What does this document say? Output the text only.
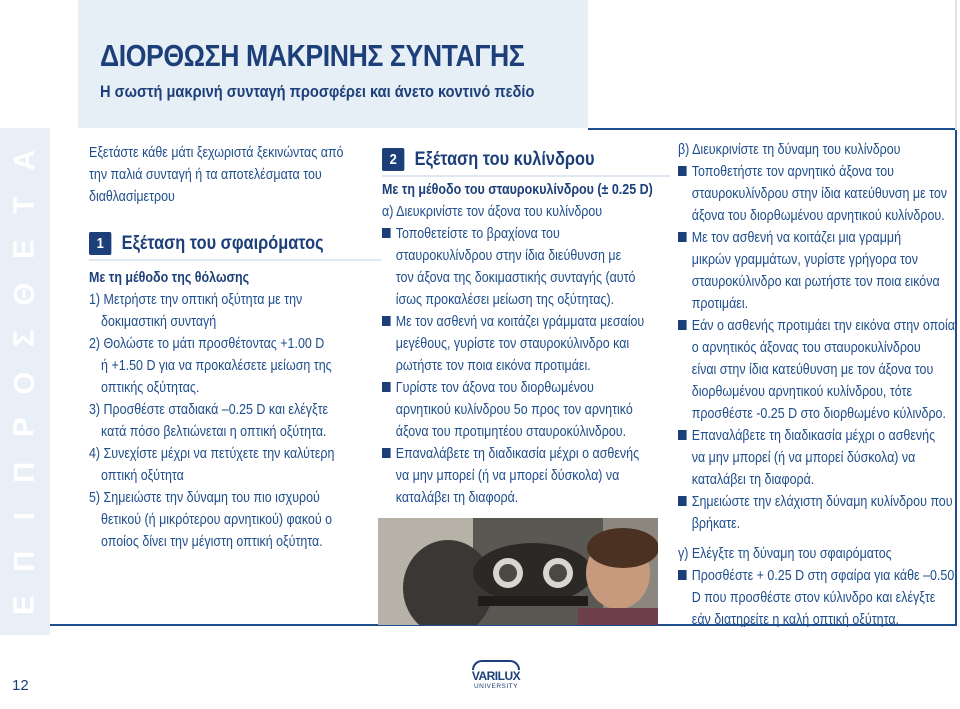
ΔΙΟΡΘΩΣΗ ΜΑΚΡΙΝΗΣ ΣΥΝΤΑΓΗΣ
Η σωστή μακρινή συνταγή προσφέρει και άνετο κοντινό πεδίο
Ε
Π
Ι
Π
Ρ
Ο
Σ
Θ
Ε
Τ
Α	Εξετάστε κάθε μάτι ξεχωριστά ξεκινώντας από

την παλιά συνταγή ή τα αποτελέσματα του

διαθλασίμετρου

1 Εξέταση του σφαιρόματος

Με τη μέθοδο της θόλωσης

1) Μετρήστε την οπτική οξύτητα με την

δοκιμαστική συνταγή

2) Θολώστε το μάτι προσθέτοντας +1.00 D

ή +1.50 D για να προκαλέσετε μείωση της

οπτικής οξύτητας.

3) Προσθέστε σταδιακά –0.25 D και ελέγξτε

κατά πόσο βελτιώνεται η οπτική οξύτητα.

4) Συνεχίστε μέχρι να πετύχετε την καλύτερη

οπτική οξύτητα

5) Σημειώστε την δύναμη του πιο ισχυρού

θετικού (ή μικρότερου αρνητικού) φακού ο

οποίος δίνει την μέγιστη οπτική οξύτητα.

2 Εξέταση του κυλίνδρου

Με τη μέθοδο του σταυροκυλίνδρου (± 0.25 D)

α) Διευκρινίστε τον άξονα του κυλίνδρου

Τοποθετείστε το βραχίονα του

σταυροκυλίνδρου στην ίδια διεύθυνση με

τον άξονα της δοκιμαστικής συνταγής (αυτό

ίσως προκαλέσει μείωση της οξύτητας).

Με τον ασθενή να κοιτάζει γράμματα μεσαίου

μεγέθους, γυρίστε τον σταυροκύλινδρο και

ρωτήστε τον ποια εικόνα προτιμάει.

Γυρίστε τον άξονα του διορθωμένου

αρνητικού κυλίνδρου 5ο προς τον αρνητικό

άξονα του προτιμητέου σταυροκύλινδρου.

Επαναλάβετε τη διαδικασία μέχρι ο ασθενής

να μην μπορεί (ή να μπορεί δύσκολα) να

καταλάβει τη διαφορά.

β) Διευκρινίστε τη δύναμη του κυλίνδρου

Τοποθετήστε τον αρνητικό άξονα του

σταυροκυλίνδρου στην ίδια κατεύθυνση με τον

άξονα του διορθωμένου αρνητικού κυλίνδρου.

Με τον ασθενή να κοιτάζει μια γραμμή

μικρών γραμμάτων, γυρίστε γρήγορα τον

σταυροκύλινδρο και ρωτήστε τον ποια εικόνα

προτιμάει.

Εάν ο ασθενής προτιμάει την εικόνα στην οποία

ο αρνητικός άξονας του σταυροκυλίνδρου

είναι στην ίδια κατεύθυνση με τον άξονα του

διορθωμένου αρνητικού κυλίνδρου, τότε

προσθέστε -0.25 D στο διορθωμένο κύλινδρο.

Επαναλάβετε τη διαδικασία μέχρι ο ασθενής

να μην μπορεί (ή να μπορεί δύσκολα) να

καταλάβει τη διαφορά.

Σημειώστε την ελάχιστη δύναμη κυλίνδρου που

βρήκατε.

γ) Ελέγξτε τη δύναμη του σφαιρόματος

Προσθέστε + 0.25 D στη σφαίρα για κάθε –0.50

D που προσθέστε στον κύλινδρο και ελέγξτε

εάν διατηρείτε η καλή οπτική οξύτητα.

12
VARILUX
UNIVERSITY
